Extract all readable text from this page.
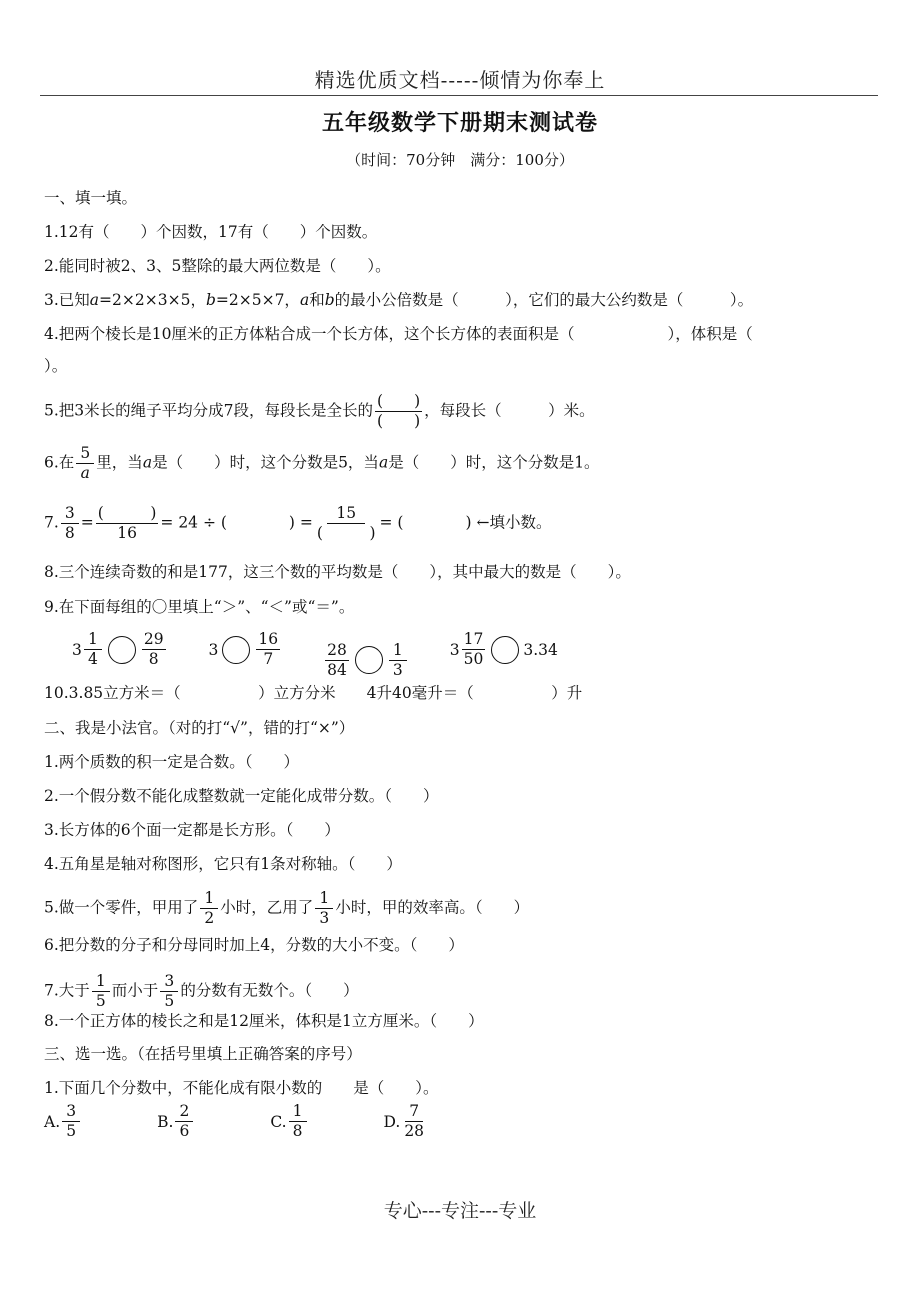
精选优质文档-----倾情为你奉上
五年级数学下册期末测试卷
（时间：70分钟　满分：100分）
一、填一填。
1.12有（　　）个因数，17有（　　）个因数。
2.能同时被2、3、5整除的最大两位数是（　　）。
3.已知a=2×2×3×5，b=2×5×7，a和b的最小公倍数是（　　　），它们的最大公约数是（　　　）。
4.把两个棱长是10厘米的正方体粘合成一个长方体，这个长方体的表面积是（　　　　　　），体积是（
）。
5.把3米长的绳子平均分成7段，每段长是全长的 $\frac{( )}{( )}$ ，每段长（　　　）米。
6.在 $\frac{5}{a}$ 里，当a是（　　）时，这个分数是5，当a是（　　）时，这个分数是1。
7. $\frac{3}{8} = \frac{( )}{16} = 24$ ÷ (　　　　) = $\frac{15}{( )}$ = (　　　　) ←填小数。
8.三个连续奇数的和是177，这三个数的平均数是（　　），其中最大的数是（　　）。
9.在下面每组的〇里填上“＞”、“＜”或“＝”。
$3 \frac{1}{4}$	$\frac{29}{8}$
	$3 \frac{16}{7}$
	$\frac{28}{84}$	$\frac{1}{3}$
	$3 \frac{17}{50} 3.34$
10.3.85立方米＝（　　　　　）立方分米　　4升40毫升＝（　　　　　）升
二、我是小法官。（对的打“√”，错的打“×”）
1.两个质数的积一定是合数。（　　）
2.一个假分数不能化成整数就一定能化成带分数。（　　）
3.长方体的6个面一定都是长方形。（　　）
4.五角星是轴对称图形，它只有1条对称轴。（　　）
5.做一个零件，甲用了 $\frac{1}{2}$ 小时，乙用了 $\frac{1}{3}$ 小时，甲的效率高。（　　）
6.把分数的分子和分母同时加上4，分数的大小不变。（　　）
7.大于 $\frac{1}{5}$ 而小于 $\frac{3}{5}$ 的分数有无数个。（　　）
8.一个正方体的棱长之和是12厘米，体积是1立方厘米。（　　）
三、选一选。（在括号里填上正确答案的序号）
1.下面几个分数中，不能化成有限小数的　　是（　　）。
A. $\frac{3}{5}$
	B. $\frac{2}{6}$
	C. $\frac{1}{8}$
	D. $\frac{7}{28}$
专心---专注---专业
